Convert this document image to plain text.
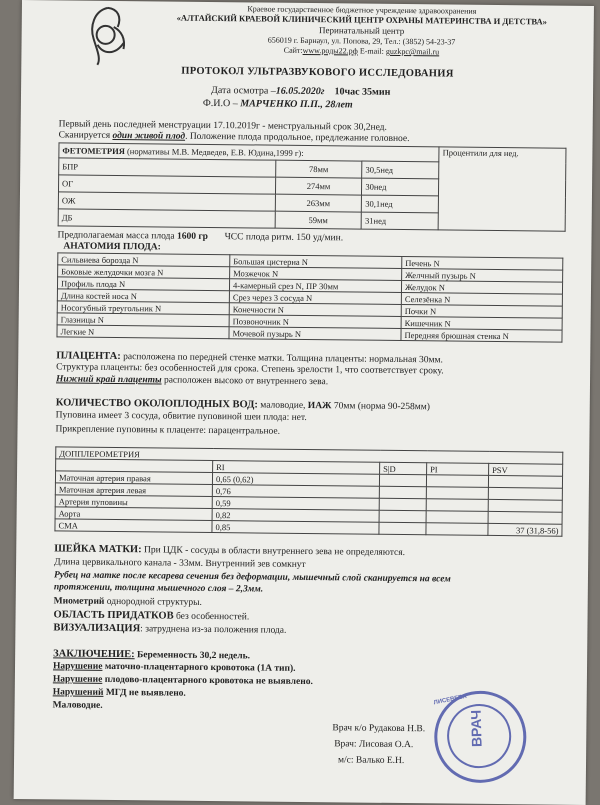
Краевое государственное бюджетное учреждение здравоохранения
«АЛТАЙСКИЙ КРАЕВОЙ КЛИНИЧЕСКИЙ ЦЕНТР ОХРАНЫ МАТЕРИНСТВА И ДЕТСТВА»
Перинатальный центр
656019 г. Барнаул, ул. Попова, 29, Тел.: (3852) 54-23-37
Сайт:www.роды22.рф E-mail: guzkpc@mail.ru
ПРОТОКОЛ УЛЬТРАЗВУКОВОГО ИССЛЕДОВАНИЯ
Дата осмотра –16.05.2020г 10час 35мин
Ф.И.О – МАРЧЕНКО П.П., 28лет
Первый день последней менструации 17.10.2019г - менструальный срок 30,2нед.
Сканируется один живой плод. Положение плода продольное, предлежание головное.
ФЕТОМЕТРИЯ (нормативы М.В. Медведев, Е.В. Юдина,1999 г):			Процентили для нед.
БПР	78мм	30,5нед	
ОГ	274мм	30нед	
ОЖ	263мм	30,1нед	
ДБ	59мм	31нед	
Предполагаемая масса плода 1600 гр ЧСС плода ритм. 150 уд/мин.
АНАТОМИЯ ПЛОДА:
Сильвиева борозда N	Большая цистерна N	Печень N
Боковые желудочки мозга N	Мозжечок N	Желчный пузырь N
Профиль плода N	4-камерный срез N, ПР 30мм	Желудок N
Длина костей носа N	Срез через 3 сосуда N	Селезёнка N
Носогубный треугольник N	Конечности N	Почки N
Глазницы N	Позвоночник N	Кишечник N
Легкие N	Мочевой пузырь N	Передняя брюшная стенка N
ПЛАЦЕНТА: расположена по передней стенке матки. Толщина плаценты: нормальная 30мм.
Структура плаценты: без особенностей для срока. Степень зрелости 1, что соответствует сроку.
Нижний край плаценты расположен высоко от внутреннего зева.
КОЛИЧЕСТВО ОКОЛОПЛОДНЫХ ВОД: маловодие, ИАЖ 70мм (норма 90-258мм)
Пуповина имеет 3 сосуда, обвитие пуповиной шеи плода: нет.
Прикрепление пуповины к плаценте: парацентральное.
ДОППЛЕРОМЕТРИЯ				
	RI	S|D	PI	PSV
Маточная артерия правая	0,65 (0,62)			
Маточная артерия левая	0,76			
Артерия пуповины	0,59			
Аорта	0,82			
СМА	0,85			37 (31,8-56)
ШЕЙКА МАТКИ: При ЦДК - сосуды в области внутреннего зева не определяются.
Длина цервикального канала - 33мм. Внутренний зев сомкнут
Рубец на матке после кесарева сечения без деформации, мышечный слой сканируется на всем
протяжении, толщина мышечного слоя – 2,3мм.
Миометрий однородной структуры.
ОБЛАСТЬ ПРИДАТКОВ без особенностей.
ВИЗУАЛИЗАЦИЯ: затруднена из-за положения плода.
ЗАКЛЮЧЕНИЕ: Беременность 30,2 недель.
Нарушение маточно-плацентарного кровотока (1А тип).
Нарушение плодово-плацентарного кровотока не выявлено.
Нарушений МГД не выявлено.
Маловодие.
Врач к/о Рудакова Н.В.
Врач: Лисовая О.А.
м/с: Валько Е.Н.
ЛИСЕВЕВА
ВРАЧ
